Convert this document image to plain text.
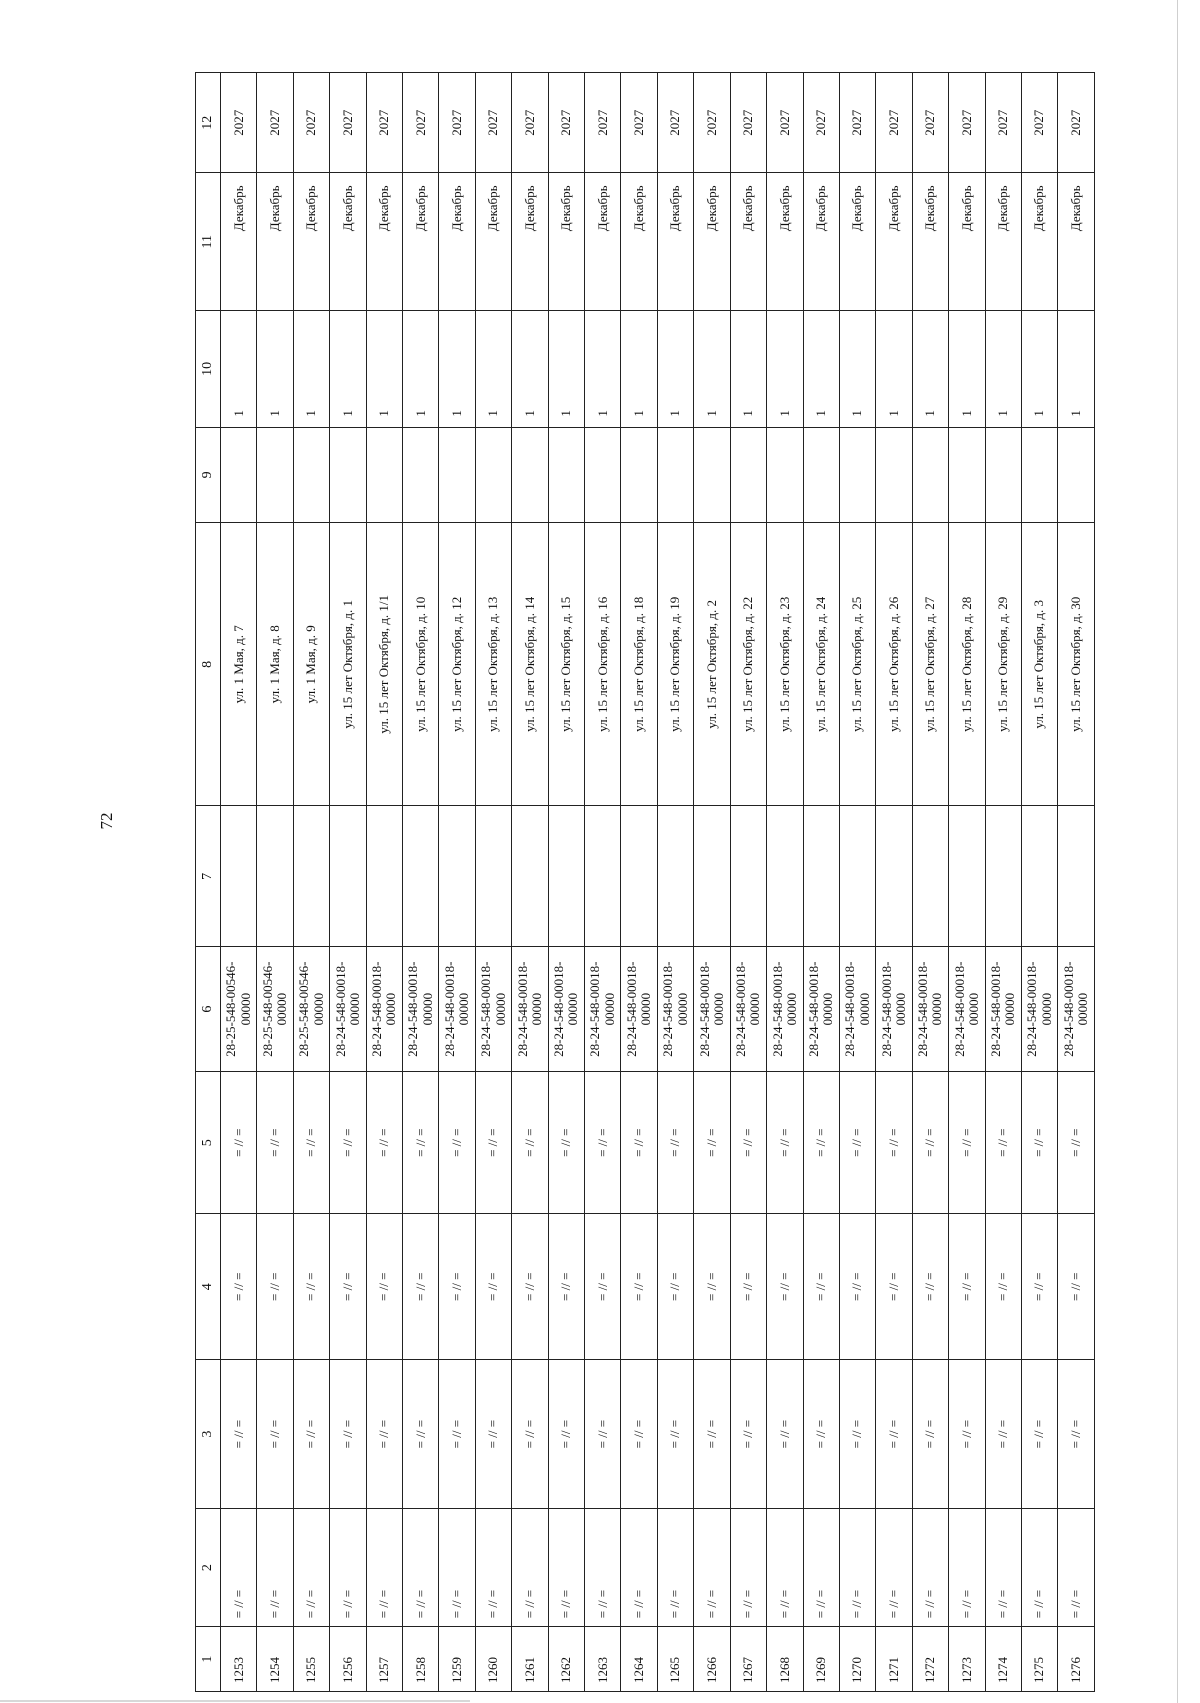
72
1	2	3	4	5	6	7	8	9	10	11	12
1253	= // =	= // =	= // =	= // =	28-25-548-00546-00000		ул. 1 Мая, д. 7		1	Декабрь	2027
1254	= // =	= // =	= // =	= // =	28-25-548-00546-00000		ул. 1 Мая, д. 8		1	Декабрь	2027
1255	= // =	= // =	= // =	= // =	28-25-548-00546-00000		ул. 1 Мая, д. 9		1	Декабрь	2027
1256	= // =	= // =	= // =	= // =	28-24-548-00018-00000		ул. 15 лет Октября, д. 1		1	Декабрь	2027
1257	= // =	= // =	= // =	= // =	28-24-548-00018-00000		ул. 15 лет Октября, д. 1/1		1	Декабрь	2027
1258	= // =	= // =	= // =	= // =	28-24-548-00018-00000		ул. 15 лет Октября, д. 10		1	Декабрь	2027
1259	= // =	= // =	= // =	= // =	28-24-548-00018-00000		ул. 15 лет Октября, д. 12		1	Декабрь	2027
1260	= // =	= // =	= // =	= // =	28-24-548-00018-00000		ул. 15 лет Октября, д. 13		1	Декабрь	2027
1261	= // =	= // =	= // =	= // =	28-24-548-00018-00000		ул. 15 лет Октября, д. 14		1	Декабрь	2027
1262	= // =	= // =	= // =	= // =	28-24-548-00018-00000		ул. 15 лет Октября, д. 15		1	Декабрь	2027
1263	= // =	= // =	= // =	= // =	28-24-548-00018-00000		ул. 15 лет Октября, д. 16		1	Декабрь	2027
1264	= // =	= // =	= // =	= // =	28-24-548-00018-00000		ул. 15 лет Октября, д. 18		1	Декабрь	2027
1265	= // =	= // =	= // =	= // =	28-24-548-00018-00000		ул. 15 лет Октября, д. 19		1	Декабрь	2027
1266	= // =	= // =	= // =	= // =	28-24-548-00018-00000		ул. 15 лет Октября, д. 2		1	Декабрь	2027
1267	= // =	= // =	= // =	= // =	28-24-548-00018-00000		ул. 15 лет Октября, д. 22		1	Декабрь	2027
1268	= // =	= // =	= // =	= // =	28-24-548-00018-00000		ул. 15 лет Октября, д. 23		1	Декабрь	2027
1269	= // =	= // =	= // =	= // =	28-24-548-00018-00000		ул. 15 лет Октября, д. 24		1	Декабрь	2027
1270	= // =	= // =	= // =	= // =	28-24-548-00018-00000		ул. 15 лет Октября, д. 25		1	Декабрь	2027
1271	= // =	= // =	= // =	= // =	28-24-548-00018-00000		ул. 15 лет Октября, д. 26		1	Декабрь	2027
1272	= // =	= // =	= // =	= // =	28-24-548-00018-00000		ул. 15 лет Октября, д. 27		1	Декабрь	2027
1273	= // =	= // =	= // =	= // =	28-24-548-00018-00000		ул. 15 лет Октября, д. 28		1	Декабрь	2027
1274	= // =	= // =	= // =	= // =	28-24-548-00018-00000		ул. 15 лет Октября, д. 29		1	Декабрь	2027
1275	= // =	= // =	= // =	= // =	28-24-548-00018-00000		ул. 15 лет Октября, д. 3		1	Декабрь	2027
1276	= // =	= // =	= // =	= // =	28-24-548-00018-00000		ул. 15 лет Октября, д. 30		1	Декабрь	2027
